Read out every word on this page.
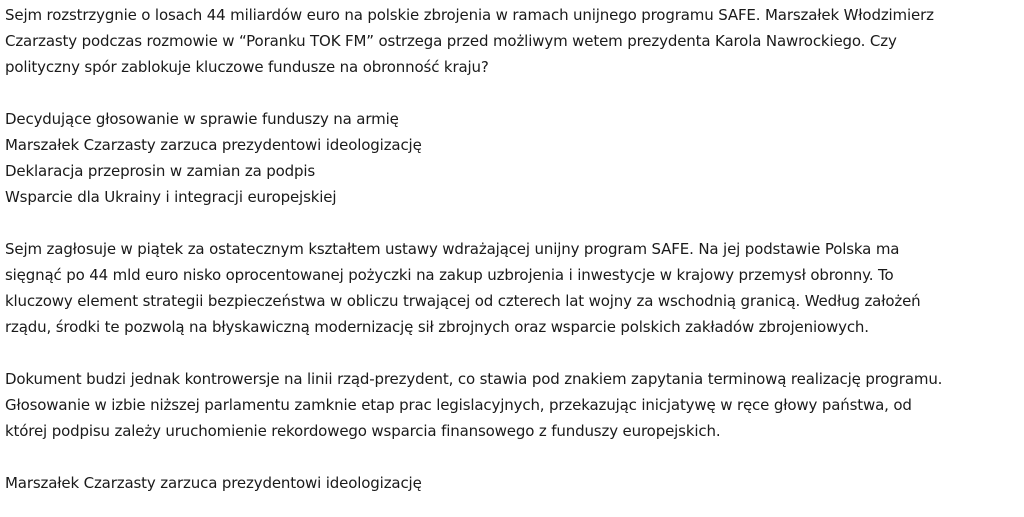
Sejm rozstrzygnie o losach 44 miliardów euro na polskie zbrojenia w ramach unijnego programu SAFE. Marszałek Włodzimierz

Czarzasty podczas rozmowie w “Poranku TOK FM” ostrzega przed możliwym wetem prezydenta Karola Nawrockiego. Czy

polityczny spór zablokuje kluczowe fundusze na obronność kraju?

Decydujące głosowanie w sprawie funduszy na armię

Marszałek Czarzasty zarzuca prezydentowi ideologizację

Deklaracja przeprosin w zamian za podpis

Wsparcie dla Ukrainy i integracji europejskiej

Sejm zagłosuje w piątek za ostatecznym kształtem ustawy wdrażającej unijny program SAFE. Na jej podstawie Polska ma

sięgnąć po 44 mld euro nisko oprocentowanej pożyczki na zakup uzbrojenia i inwestycje w krajowy przemysł obronny. To

kluczowy element strategii bezpieczeństwa w obliczu trwającej od czterech lat wojny za wschodnią granicą. Według założeń

rządu, środki te pozwolą na błyskawiczną modernizację sił zbrojnych oraz wsparcie polskich zakładów zbrojeniowych.

Dokument budzi jednak kontrowersje na linii rząd-prezydent, co stawia pod znakiem zapytania terminową realizację programu.

Głosowanie w izbie niższej parlamentu zamknie etap prac legislacyjnych, przekazując inicjatywę w ręce głowy państwa, od

której podpisu zależy uruchomienie rekordowego wsparcia finansowego z funduszy europejskich.

Marszałek Czarzasty zarzuca prezydentowi ideologizację
